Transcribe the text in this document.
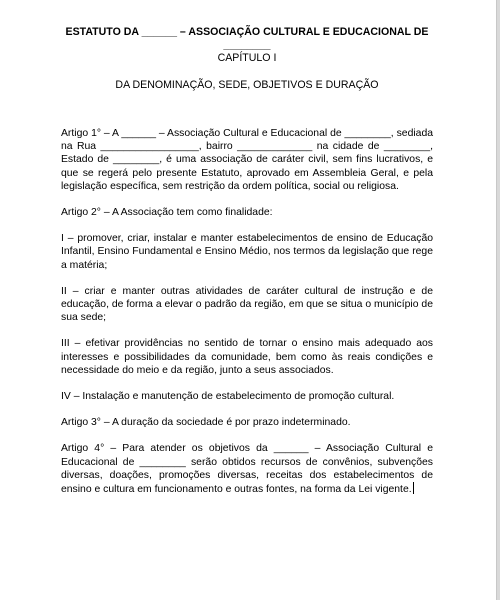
ESTATUTO DA ______ – ASSOCIAÇÃO CULTURAL E EDUCACIONAL DE ________

CAPÍTULO I

DA DENOMINAÇÃO, SEDE, OBJETIVOS E DURAÇÃO

Artigo 1° – A ______ – Associação Cultural e Educacional de ________, sediada na Rua _________________, bairro _____________ na cidade de ________, Estado de ________, é uma associação de caráter civil, sem fins lucrativos, e que se regerá pelo presente Estatuto, aprovado em Assembleia Geral, e pela legislação específica, sem restrição da ordem política, social ou religiosa.

Artigo 2° – A Associação tem como finalidade:

I – promover, criar, instalar e manter estabelecimentos de ensino de Educação Infantil, Ensino Fundamental e Ensino Médio, nos termos da legislação que rege a matéria;

II – criar e manter outras atividades de caráter cultural de instrução e de educação, de forma a elevar o padrão da região, em que se situa o município de sua sede;

III – efetivar providências no sentido de tornar o ensino mais adequado aos interesses e possibilidades da comunidade, bem como às reais condições e necessidade do meio e da região, junto a seus associados.

IV – Instalação e manutenção de estabelecimento de promoção cultural.

Artigo 3° – A duração da sociedade é por prazo indeterminado.

Artigo 4° – Para atender os objetivos da ______ – Associação Cultural e Educacional de ________ serão obtidos recursos de convênios, subvenções diversas, doações, promoções diversas, receitas dos estabelecimentos de ensino e cultura em funcionamento e outras fontes, na forma da Lei vigente.
